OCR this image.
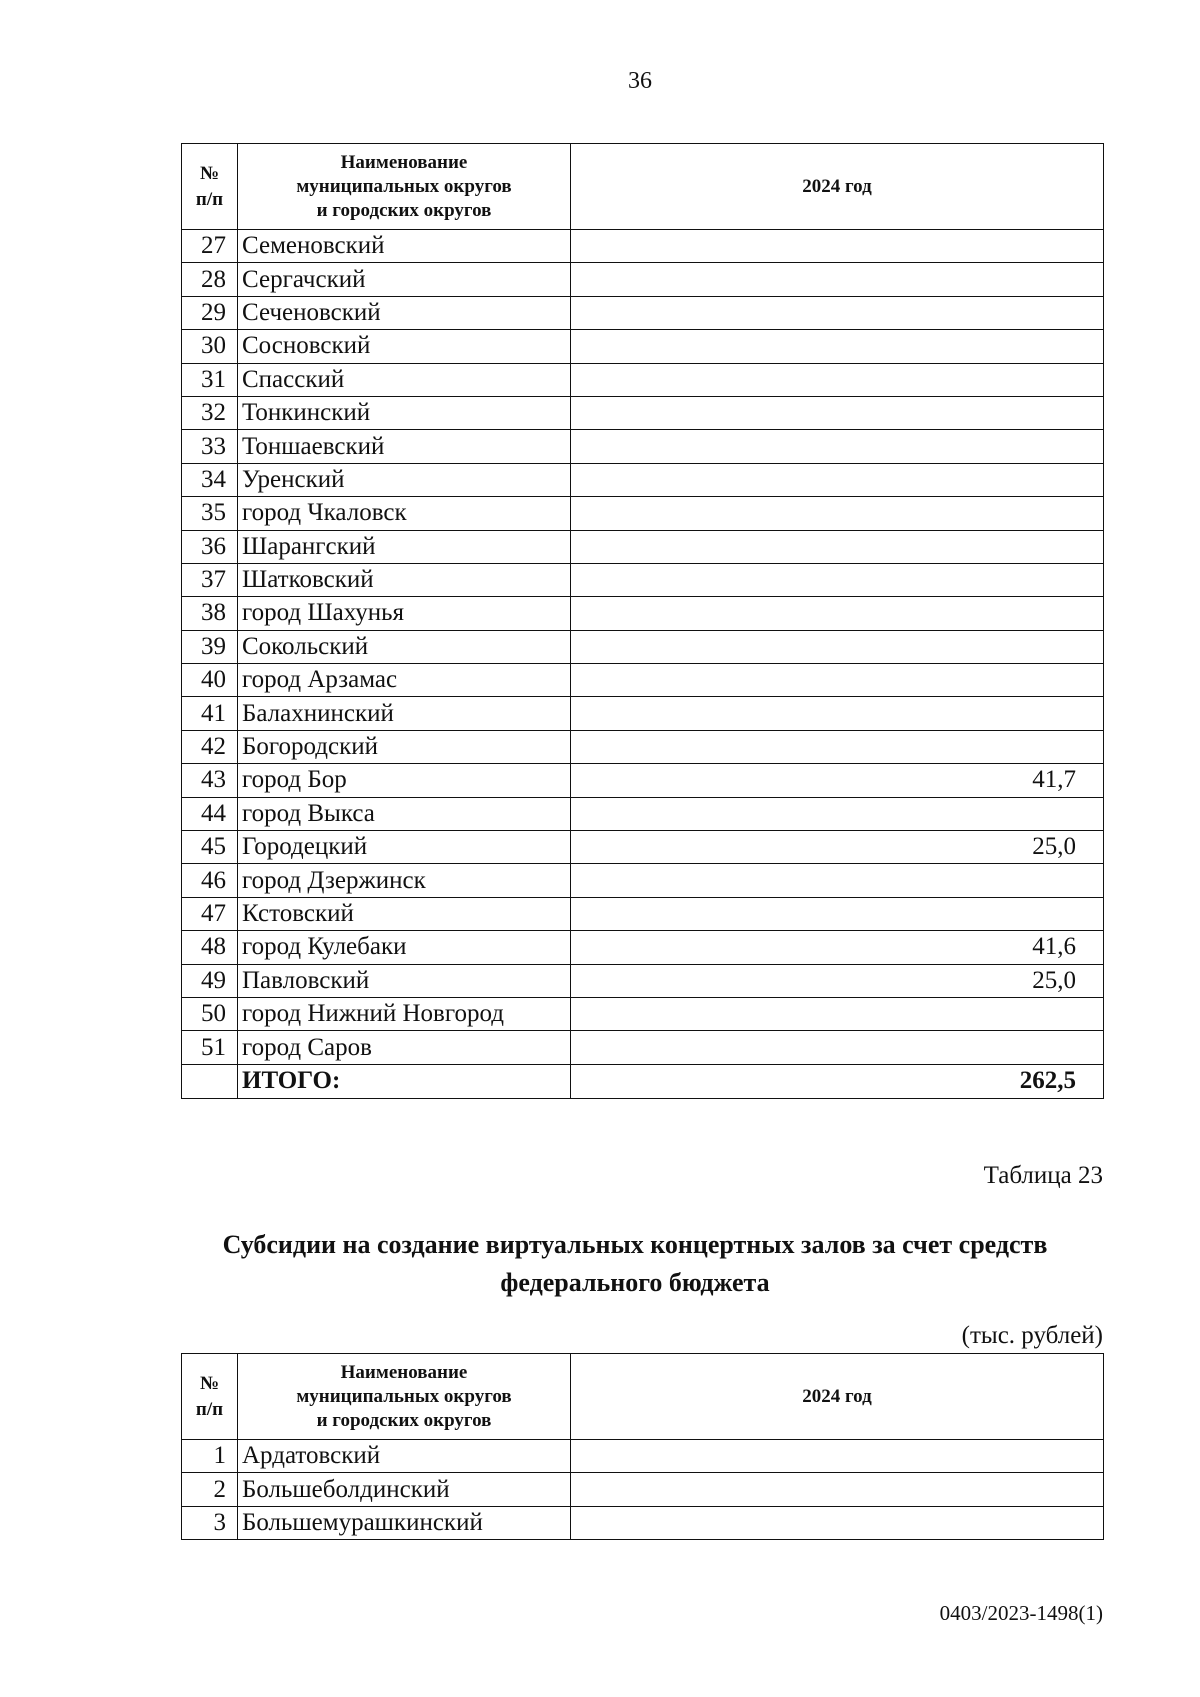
36
№
п/п	Наименование
муниципальных округов
и городских округов	2024 год
27	Семеновский	
28	Сергачский	
29	Сеченовский	
30	Сосновский	
31	Спасский	
32	Тонкинский	
33	Тоншаевский	
34	Уренский	
35	город Чкаловск	
36	Шарангский	
37	Шатковский	
38	город Шахунья	
39	Сокольский	
40	город Арзамас	
41	Балахнинский	
42	Богородский	
43	город Бор	41,7
44	город Выкса	
45	Городецкий	25,0
46	город Дзержинск	
47	Кстовский	
48	город Кулебаки	41,6
49	Павловский	25,0
50	город Нижний Новгород	
51	город Саров	
	ИТОГО:	262,5
Таблица 23
Субсидии на создание виртуальных концертных залов за счет средств федерального бюджета
(тыс. рублей)
№
п/п	Наименование
муниципальных округов
и городских округов	2024 год
1	Ардатовский	
2	Большеболдинский	
3	Большемурашкинский	
0403/2023-1498(1)
